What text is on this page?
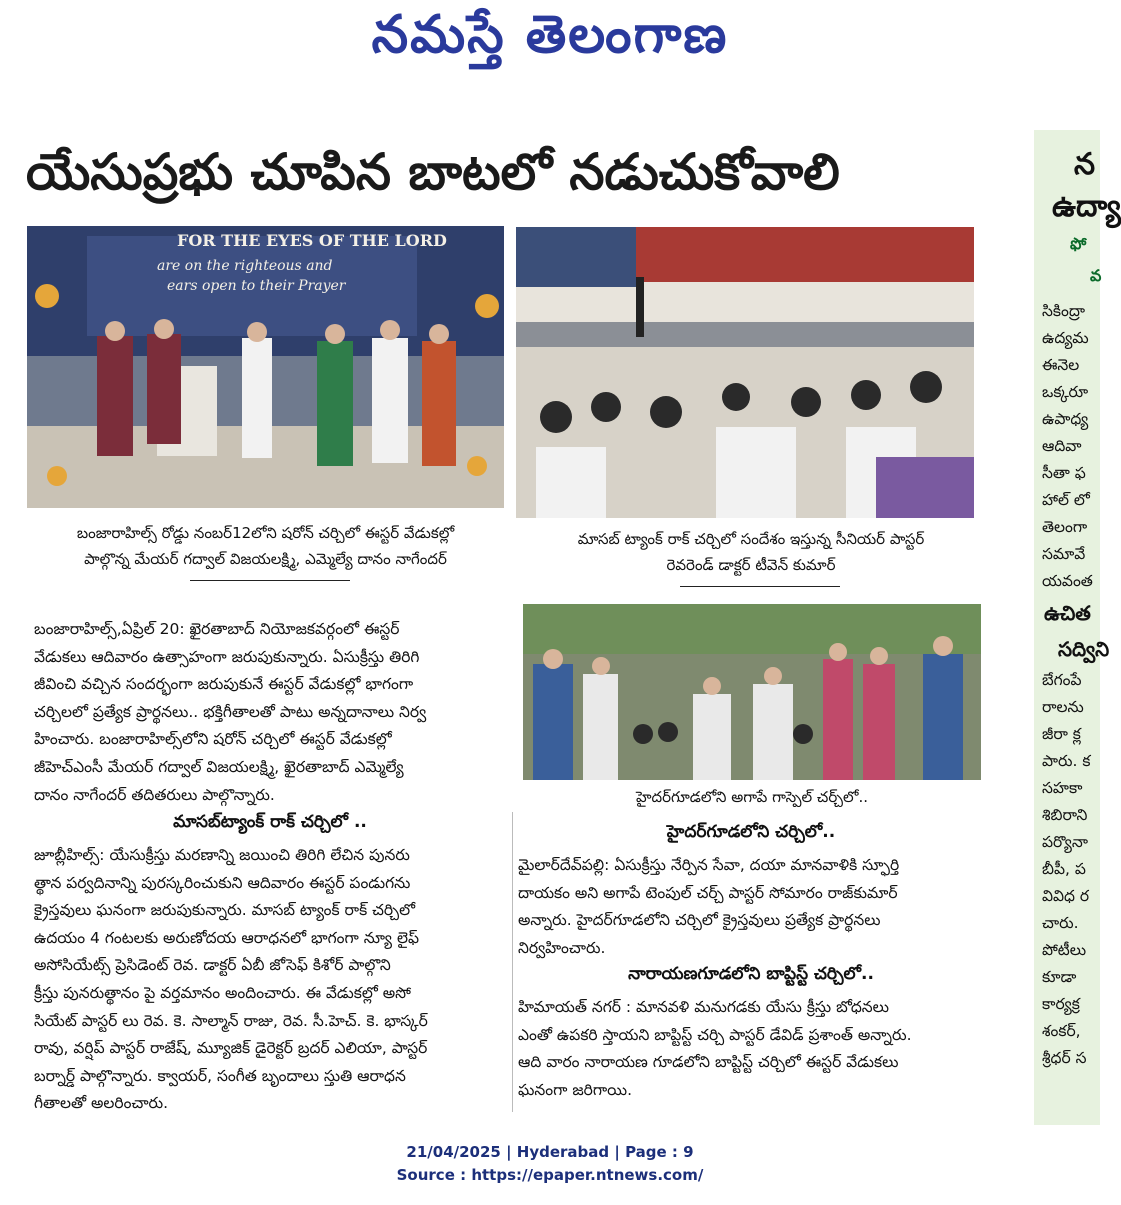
నమస్తే తెలంగాణ
యేసుప్రభు చూపిన బాటలో నడుచుకోవాలి
FOR THE EYES OF THE LORD
are on the righteous and
ears open to their Prayer
బంజారాహిల్స్ రోడ్డు నంబర్12లోని షరోన్ చర్చిలో ఈస్టర్ వేడుకల్లో
పాల్గొన్న మేయర్ గద్వాల్ విజయలక్ష్మి, ఎమ్మెల్యే దానం నాగేందర్
మాసబ్ ట్యాంక్ రాక్ చర్చిలో సందేశం ఇస్తున్న సీనియర్ పాస్టర్
రెవరెండ్ డాక్టర్ టీవెన్ కుమార్
హైదర్‌గూడలోని అగాపే గాస్పెల్ చర్చ్‌లో..
బంజారాహిల్స్,ఏప్రిల్ 20: ఖైరతాబాద్ నియోజకవర్గంలో ఈస్టర్
వేడుకలు ఆదివారం ఉత్సాహంగా జరుపుకున్నారు. ఏసుక్రీస్తు తిరిగి
జీవించి వచ్చిన సందర్భంగా జరుపుకునే ఈస్టర్ వేడుకల్లో భాగంగా
చర్చిలలో ప్రత్యేక ప్రార్థనలు.. భక్తిగీతాలతో పాటు అన్నదానాలు నిర్వ
హించారు. బంజారాహిల్స్‌లోని షరోన్ చర్చిలో ఈస్టర్ వేడుకల్లో
జీహెచ్ఎంసీ మేయర్ గద్వాల్ విజయలక్ష్మి, ఖైరతాబాద్ ఎమ్మెల్యే
దానం నాగేందర్ తదితరులు పాల్గొన్నారు.
మాసబ్‌ట్యాంక్ రాక్ చర్చిలో ..
జూబ్లీహిల్స్: యేసుక్రీస్తు మరణాన్ని జయించి తిరిగి లేచిన పునరు
త్థాన పర్వదినాన్ని పురస్కరించుకుని ఆదివారం ఈస్టర్ పండుగను
క్రైస్తవులు ఘనంగా జరుపుకున్నారు. మాసబ్ ట్యాంక్ రాక్ చర్చిలో
ఉదయం 4 గంటలకు అరుణోదయ ఆరాధనలో భాగంగా న్యూ లైఫ్
అసోసియేట్స్ ప్రెసిడెంట్ రెవ. డాక్టర్ ఏబీ జోసెఫ్ కిశోర్ పాల్గొని
క్రీస్తు పునరుత్థానం పై వర్తమానం అందించారు. ఈ వేడుకల్లో అసో
సియేట్ పాస్టర్ లు రెవ. కె. సాల్మాన్ రాజు, రెవ. సీ.హెచ్. కె. భాస్కర్
రావు, వర్షిప్ పాస్టర్ రాజేష్, మ్యూజిక్ డైరెక్టర్ బ్రదర్ ఎలియా, పాస్టర్
బర్నార్డ్ పాల్గొన్నారు. క్వాయర్, సంగీత బృందాలు స్తుతి ఆరాధన
గీతాలతో అలరించారు.
హైదర్‌గూడలోని చర్చిలో..
మైలార్‌దేవ్‌పల్లి: ఏసుక్రీస్తు నేర్పిన సేవా, దయా మానవాళికి స్ఫూర్తి
దాయకం అని అగాపే టెంపుల్ చర్చ్ పాస్టర్ సోమారం రాజ్‌కుమార్
అన్నారు. హైదర్‌గూడలోని చర్చిలో క్రైస్తవులు ప్రత్యేక ప్రార్థనలు
నిర్వహించారు.
నారాయణగూడలోని బాప్టిస్ట్ చర్చిలో..
హిమాయత్ నగర్ : మానవళి మనుగడకు యేసు క్రీస్తు బోధనలు
ఎంతో ఉపకరి స్తాయని బాప్టిస్ట్ చర్చి పాస్టర్ డేవిడ్ ప్రశాంత్ అన్నారు.
ఆది వారం నారాయణ గూడలోని బాప్టిస్ట్ చర్చిలో ఈస్టర్ వేడుకలు
ఘనంగా జరిగాయి.
న
ఉద్యా
ఫో
వ
సికింద్రా
ఉద్యమ
ఈనెల
ఒక్కరూ
ఉపాధ్య
ఆదివా
సీతా ఫ
హాల్ లో
తెలంగా
సమావే
యవంత
ఉచిత
సద్విని
బేగంపే
రాలను
జీరా క్ల
పారు. క
సహకా
శిబిరాని
పర్యొనా
బీపీ, ప
వివిధ ర
చారు.
పోటీలు
కూడా
కార్యక్ర
శంకర్,
శ్రీధర్ స
21/04/2025 | Hyderabad | Page : 9
Source : https://epaper.ntnews.com/
